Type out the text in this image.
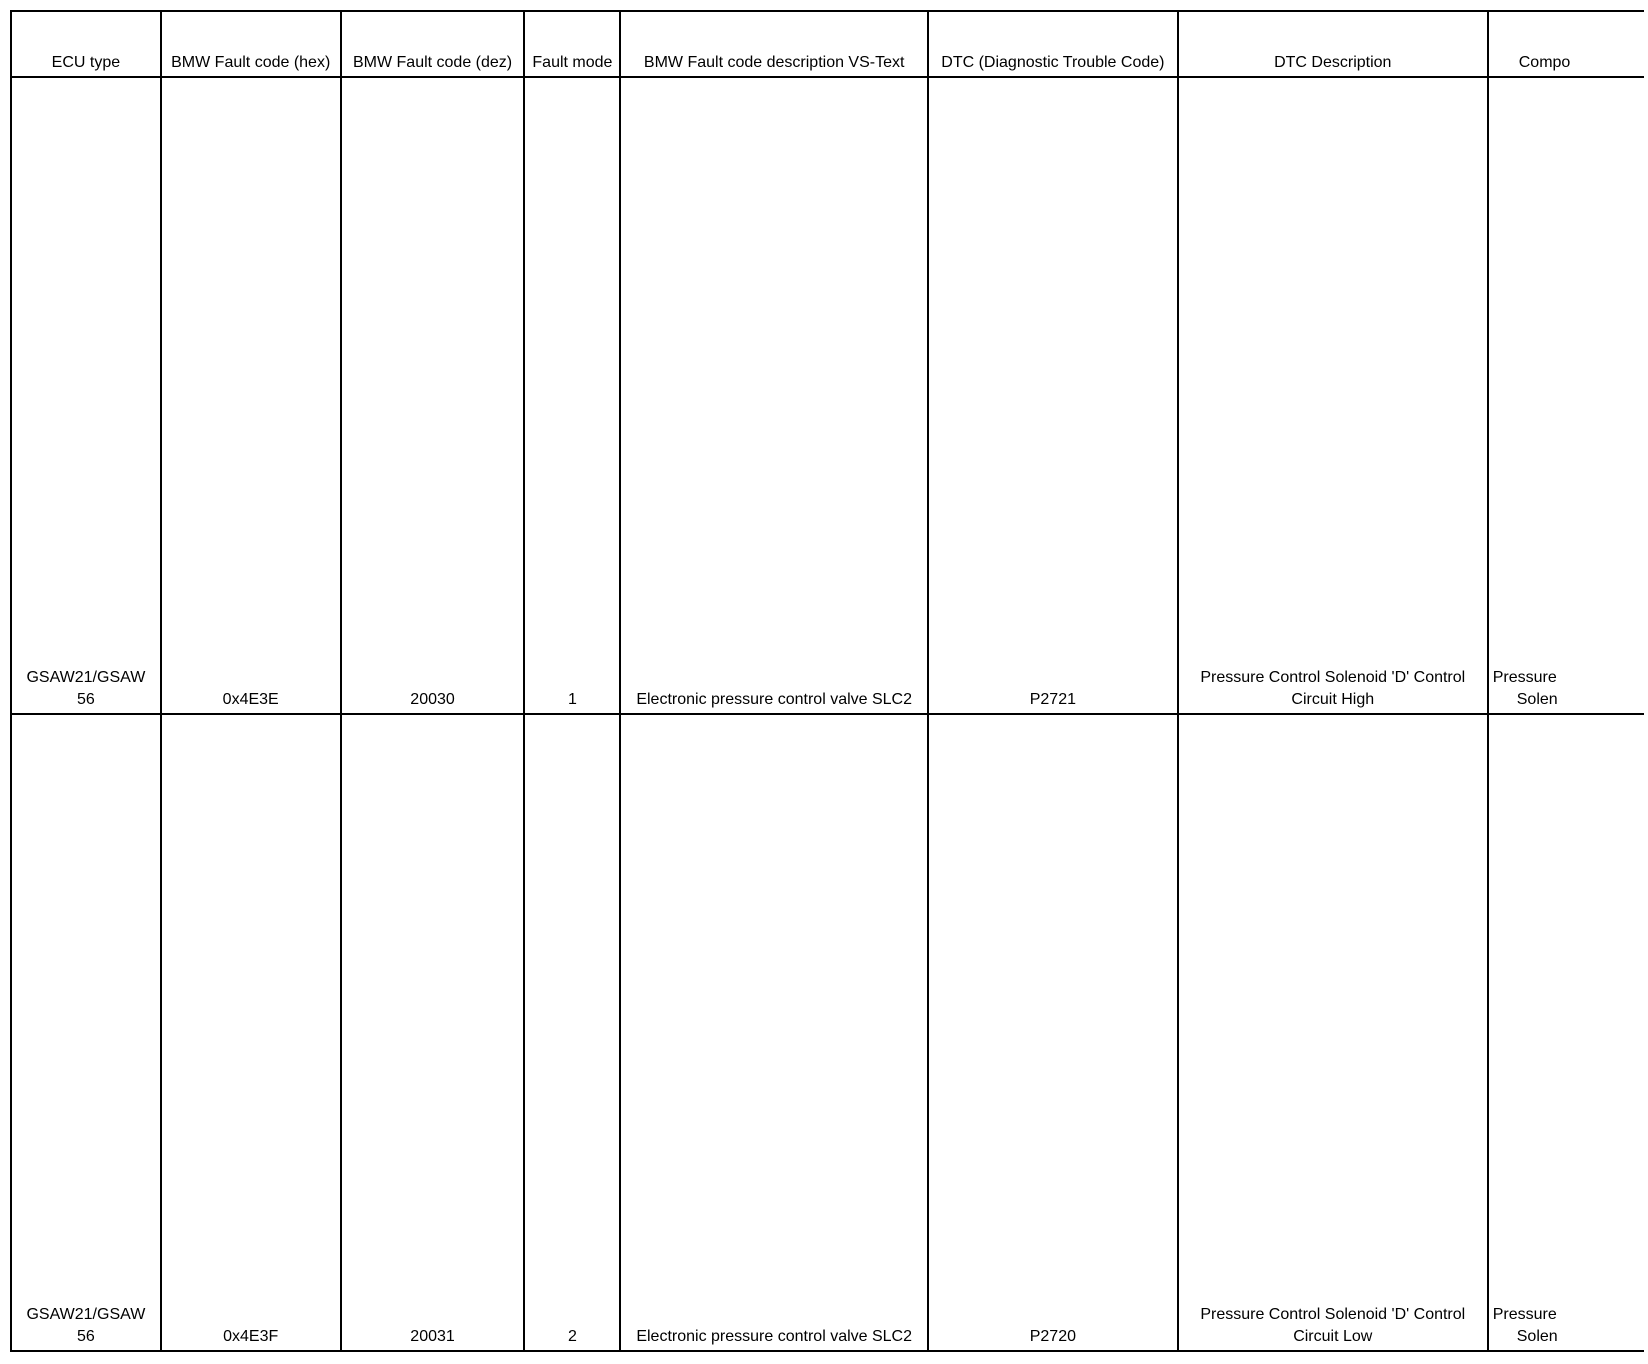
ECU type	BMW Fault code (hex)	BMW Fault code (dez)	Fault mode	BMW Fault code description VS-Text	DTC (Diagnostic Trouble Code)	DTC Description	Compo
GSAW21/GSAW 56	0x4E3E	20030	1	Electronic pressure control valve SLC2	P2721	Pressure Control Solenoid 'D' Control Circuit High	Pressure
Solen

GSAW21/GSAW 56	0x4E3F	20031	2	Electronic pressure control valve SLC2	P2720	Pressure Control Solenoid 'D' Control Circuit Low	Pressure
Solen
